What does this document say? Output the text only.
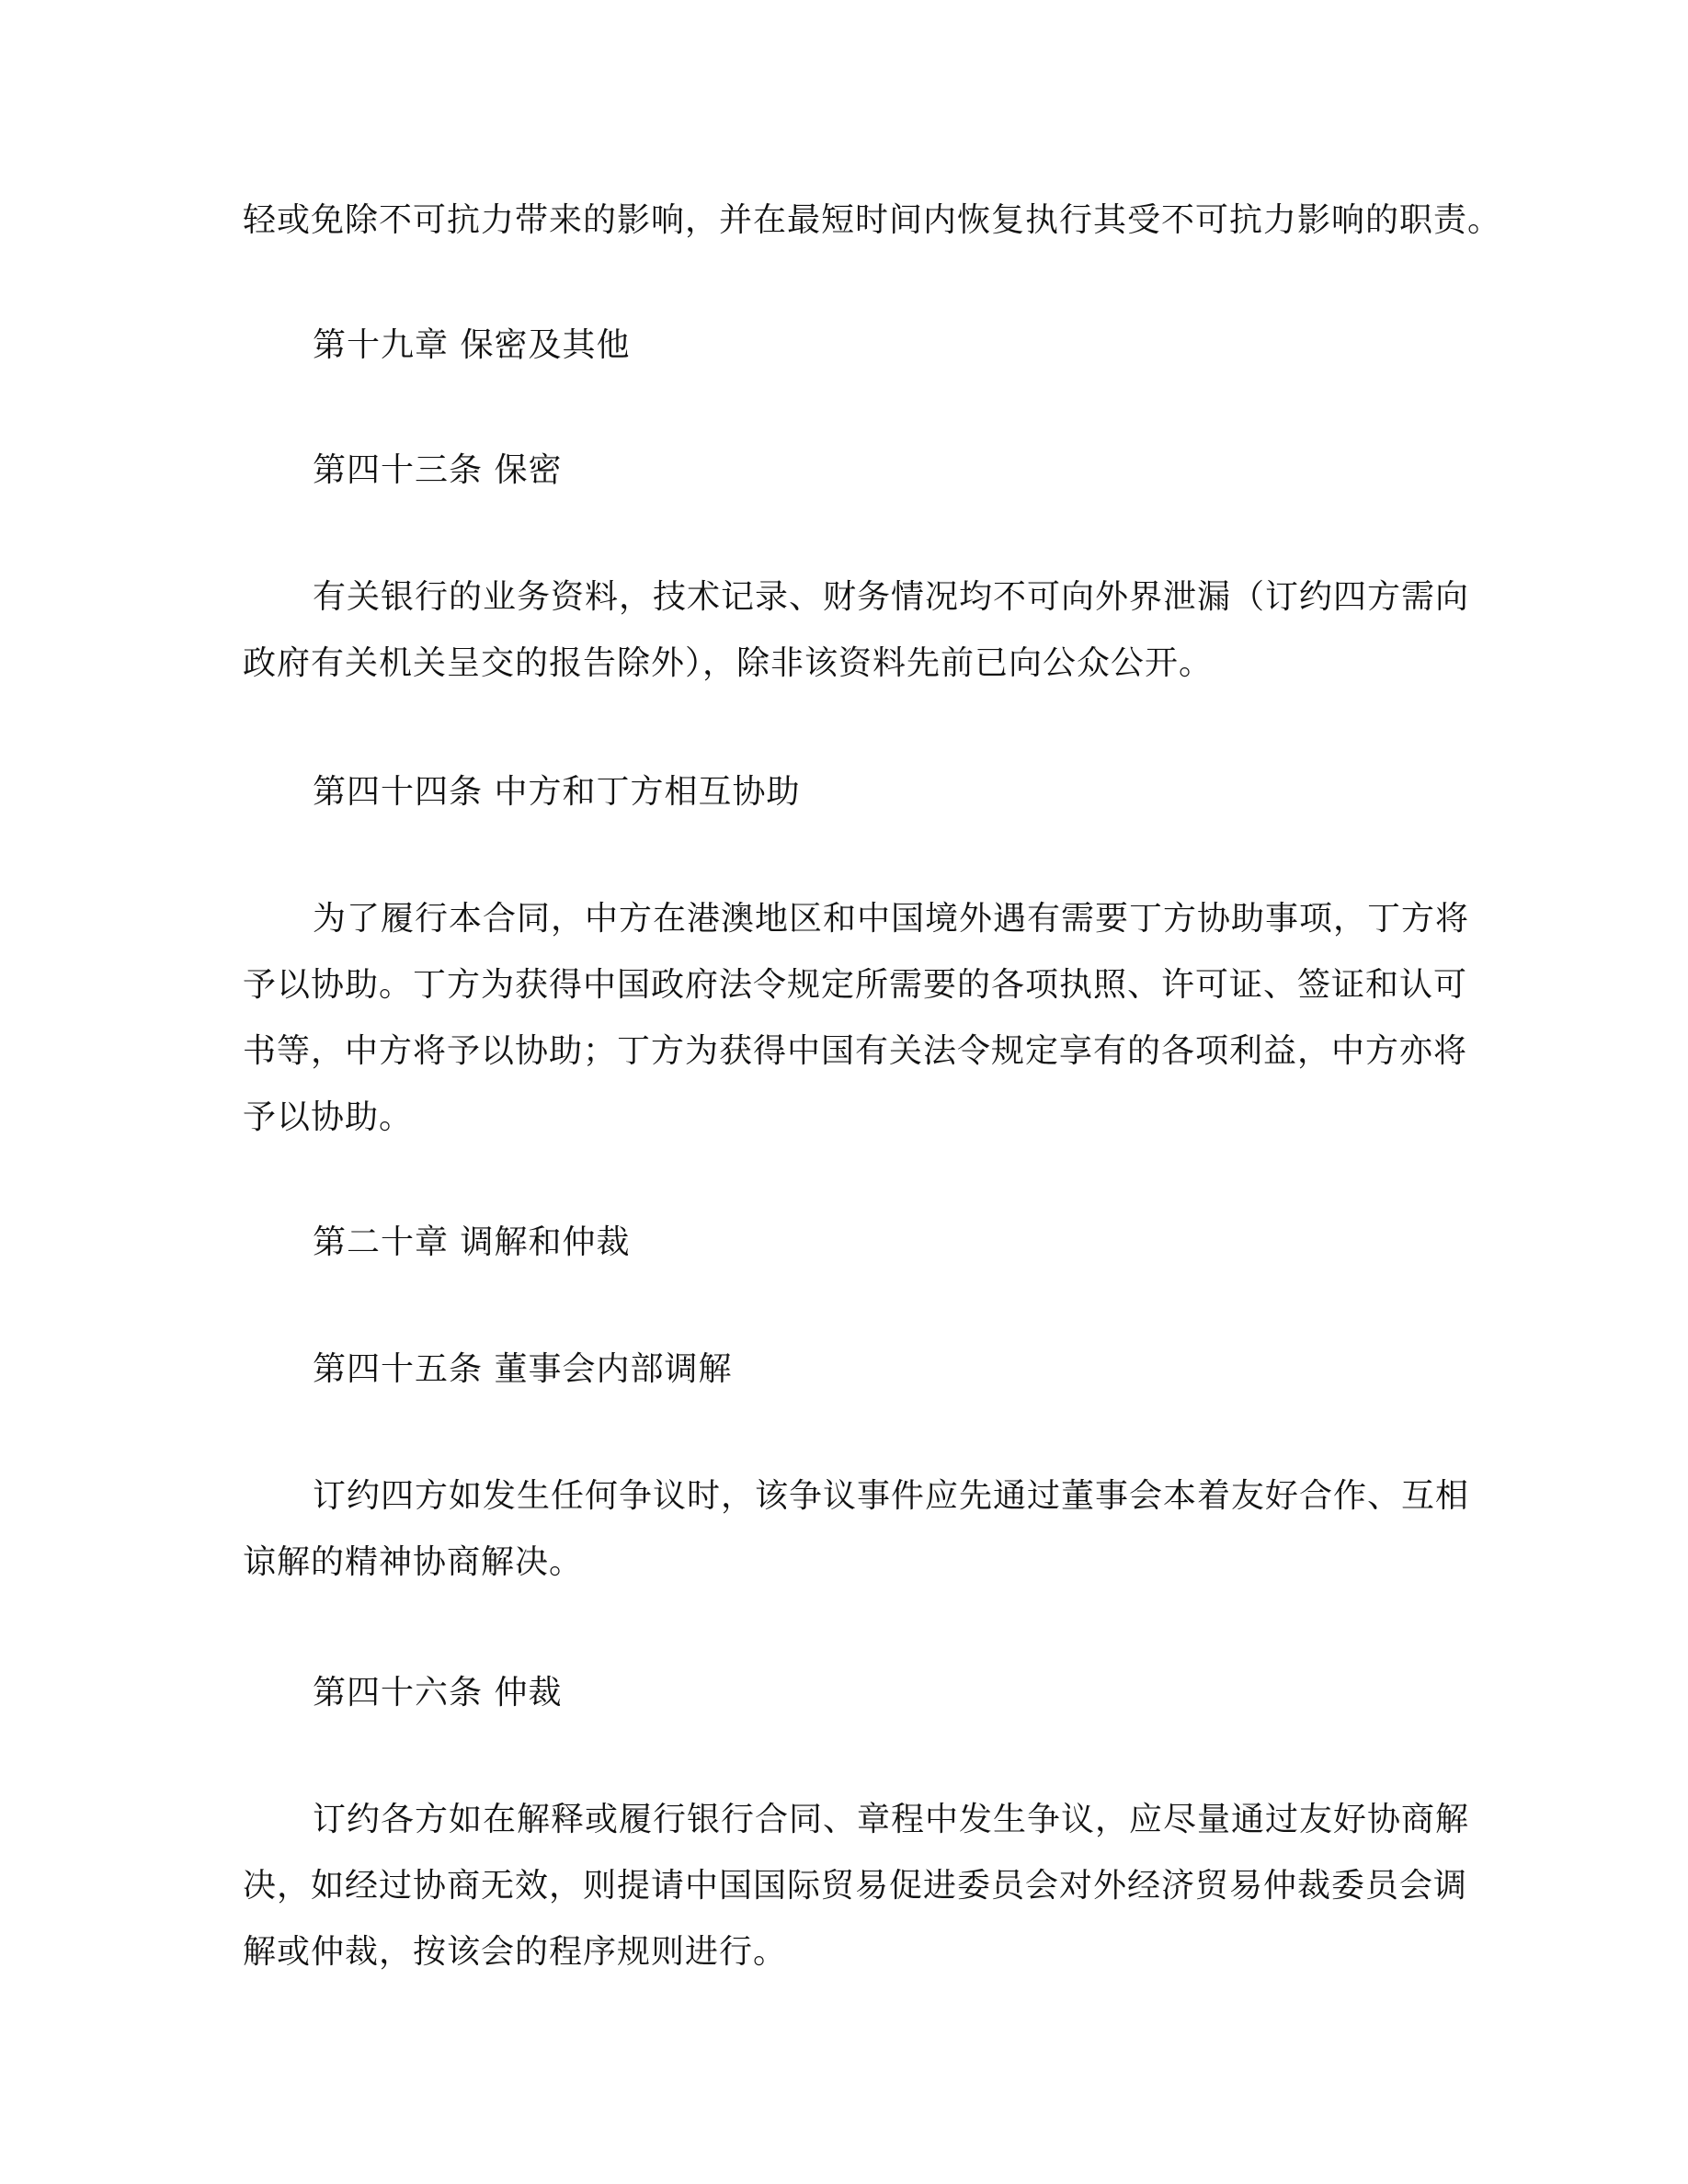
轻或免除不可抗力带来的影响，并在最短时间内恢复执行其受不可抗力影响的职责。
第十九章 保密及其他
第四十三条 保密
有关银行的业务资料，技术记录、财务情况均不可向外界泄漏（订约四方需向
政府有关机关呈交的报告除外），除非该资料先前已向公众公开。
第四十四条 中方和丁方相互协助
为了履行本合同，中方在港澳地区和中国境外遇有需要丁方协助事项，丁方将
予以协助。丁方为获得中国政府法令规定所需要的各项执照、许可证、签证和认可
书等，中方将予以协助；丁方为获得中国有关法令规定享有的各项利益，中方亦将
予以协助。
第二十章 调解和仲裁
第四十五条 董事会内部调解
订约四方如发生任何争议时，该争议事件应先通过董事会本着友好合作、互相
谅解的精神协商解决。
第四十六条 仲裁
订约各方如在解释或履行银行合同、章程中发生争议，应尽量通过友好协商解
决，如经过协商无效，则提请中国国际贸易促进委员会对外经济贸易仲裁委员会调
解或仲裁，按该会的程序规则进行。
